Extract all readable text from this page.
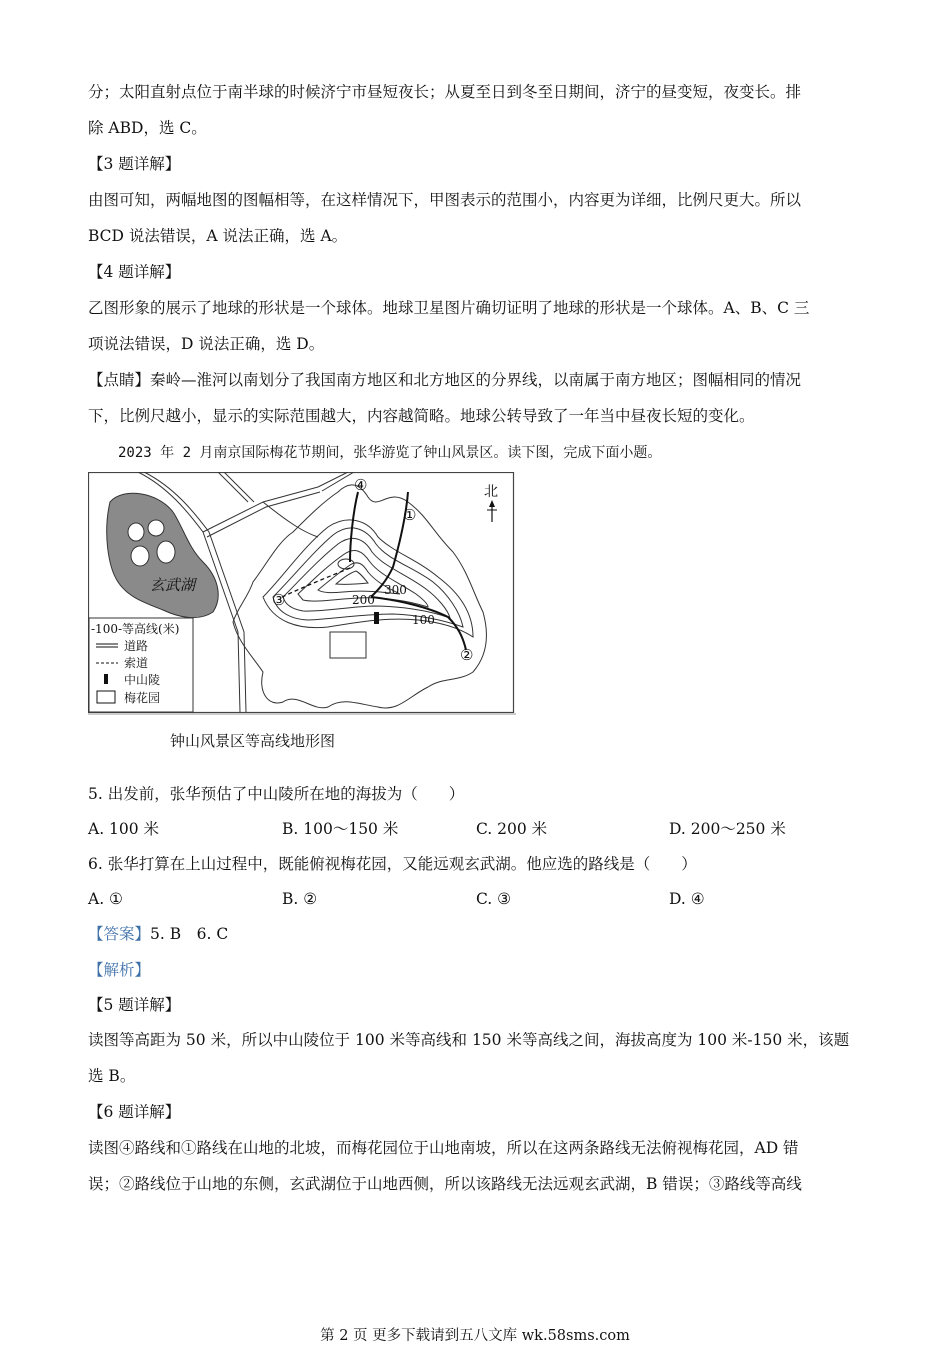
分；太阳直射点位于南半球的时候济宁市昼短夜长；从夏至日到冬至日期间，济宁的昼变短，夜变长。排
除 ABD，选 C。
【3 题详解】
由图可知，两幅地图的图幅相等，在这样情况下，甲图表示的范围小，内容更为详细，比例尺更大。所以
BCD 说法错误，A 说法正确，选 A。
【4 题详解】
乙图形象的展示了地球的形状是一个球体。地球卫星图片确切证明了地球的形状是一个球体。A、B、C 三
项说法错误，D 说法正确，选 D。
【点睛】秦岭—淮河以南划分了我国南方地区和北方地区的分界线，以南属于南方地区；图幅相同的情况
下，比例尺越小，显示的实际范围越大，内容越简略。地球公转导致了一年当中昼夜长短的变化。
2023 年 2 月南京国际梅花节期间，张华游览了钟山风景区。读下图，完成下面小题。
玄武湖
④
①
③
②
300
200
100
北
-100-等高线(米)
道路
索道
中山陵
梅花园
钟山风景区等高线地形图
5. 出发前，张华预估了中山陵所在地的海拔为（　　）
A. 100 米	B. 100～150 米	C. 200 米	D. 200～250 米
6. 张华打算在上山过程中，既能俯视梅花园，又能远观玄武湖。他应选的路线是（　　）
A. ①	B. ②	C. ③	D. ④
【答案】5. B　6. C
【解析】
【5 题详解】
读图等高距为 50 米，所以中山陵位于 100 米等高线和 150 米等高线之间，海拔高度为 100 米-150 米，该题
选 B。
【6 题详解】
读图④路线和①路线在山地的北坡，而梅花园位于山地南坡，所以在这两条路线无法俯视梅花园，AD 错
误；②路线位于山地的东侧，玄武湖位于山地西侧，所以该路线无法远观玄武湖，B 错误；③路线等高线
第 2 页 更多下载请到五八文库 wk.58sms.com
